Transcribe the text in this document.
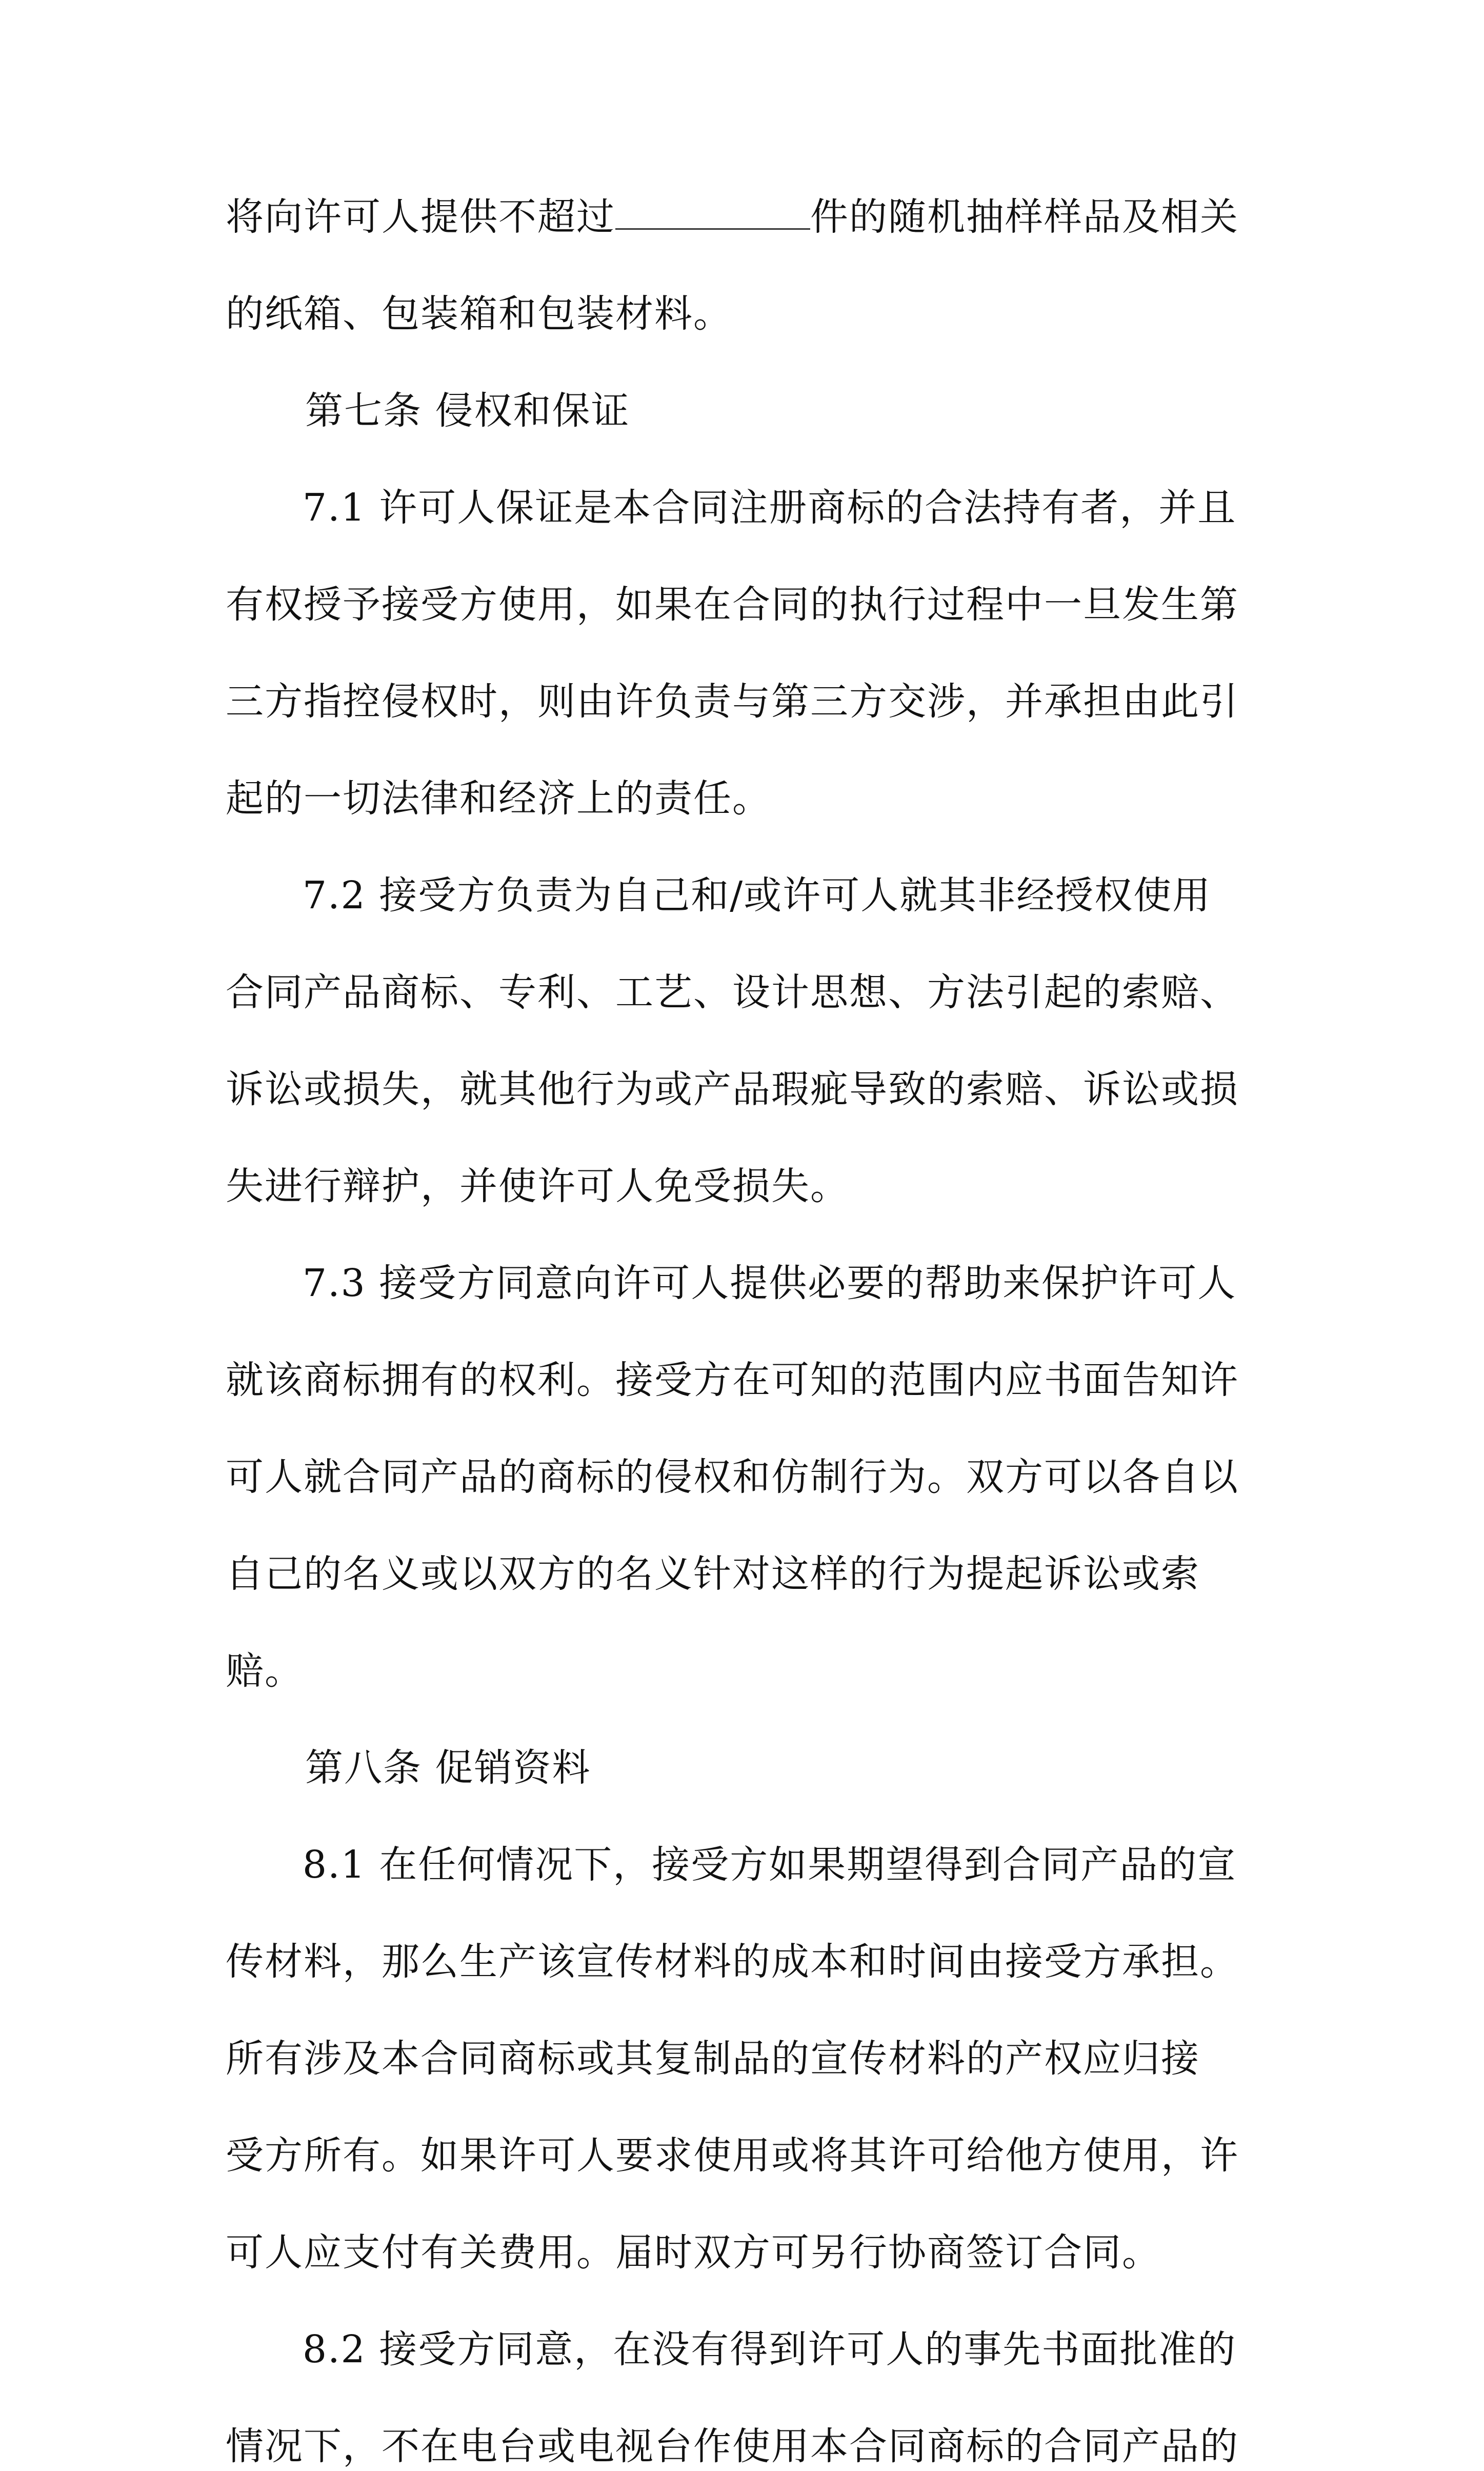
将向许可人提供不超过	件的随机抽样样品及相关
的纸箱、包装箱和包装材料。
第七条 侵权和保证
7.1 许可人保证是本合同注册商标的合法持有者，并且
有权授予接受方使用，如果在合同的执行过程中一旦发生第
三方指控侵权时，则由许负责与第三方交涉，并承担由此引
起的一切法律和经济上的责任。
7.2 接受方负责为自己和/或许可人就其非经授权使用
合同产品商标、专利、工艺、设计思想、方法引起的索赔、
诉讼或损失，就其他行为或产品瑕疵导致的索赔、诉讼或损
失进行辩护，并使许可人免受损失。
7.3 接受方同意向许可人提供必要的帮助来保护许可人
就该商标拥有的权利。接受方在可知的范围内应书面告知许
可人就合同产品的商标的侵权和仿制行为。双方可以各自以
自己的名义或以双方的名义针对这样的行为提起诉讼或索
赔。
第八条 促销资料
8.1 在任何情况下，接受方如果期望得到合同产品的宣
传材料，那么生产该宣传材料的成本和时间由接受方承担。
所有涉及本合同商标或其复制品的宣传材料的产权应归接
受方所有。如果许可人要求使用或将其许可给他方使用，许
可人应支付有关费用。届时双方可另行协商签订合同。
8.2 接受方同意，在没有得到许可人的事先书面批准的
情况下，不在电台或电视台作使用本合同商标的合同产品的
